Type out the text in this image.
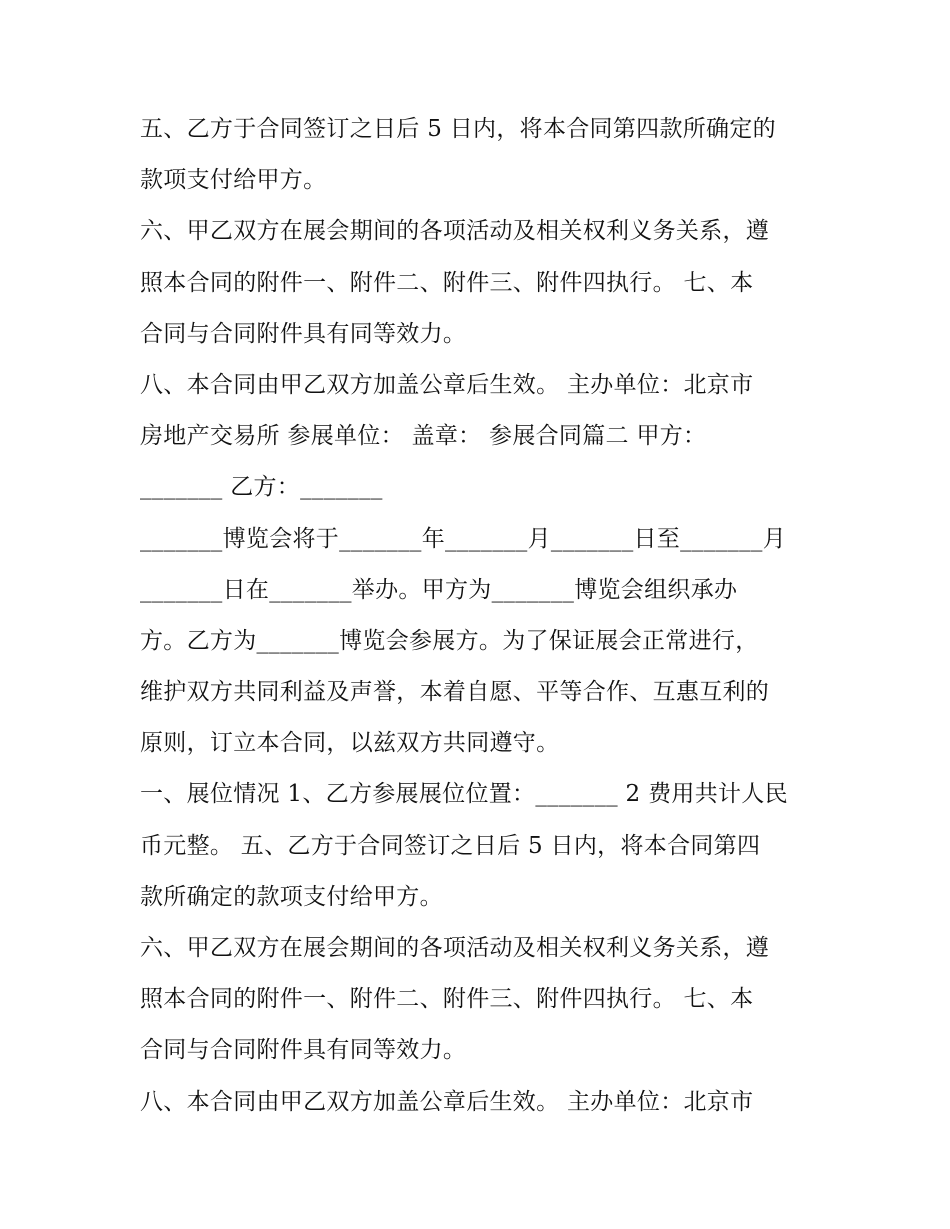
五、乙方于合同签订之日后 5 日内，将本合同第四款所确定的
款项支付给甲方。
六、甲乙双方在展会期间的各项活动及相关权利义务关系，遵
照本合同的附件一、附件二、附件三、附件四执行。 七、本
合同与合同附件具有同等效力。
八、本合同由甲乙双方加盖公章后生效。 主办单位：北京市
房地产交易所 参展单位： 盖章： 参展合同篇二 甲方：
_______ 乙方：_______
_______博览会将于_______年_______月_______日至_______月
_______日在_______举办。甲方为_______博览会组织承办
方。乙方为_______博览会参展方。为了保证展会正常进行，
维护双方共同利益及声誉，本着自愿、平等合作、互惠互利的
原则，订立本合同，以兹双方共同遵守。
一、展位情况 1、乙方参展展位位置：_______ 2 费用共计人民
币元整。 五、乙方于合同签订之日后 5 日内，将本合同第四
款所确定的款项支付给甲方。
六、甲乙双方在展会期间的各项活动及相关权利义务关系，遵
照本合同的附件一、附件二、附件三、附件四执行。 七、本
合同与合同附件具有同等效力。
八、本合同由甲乙双方加盖公章后生效。 主办单位：北京市
